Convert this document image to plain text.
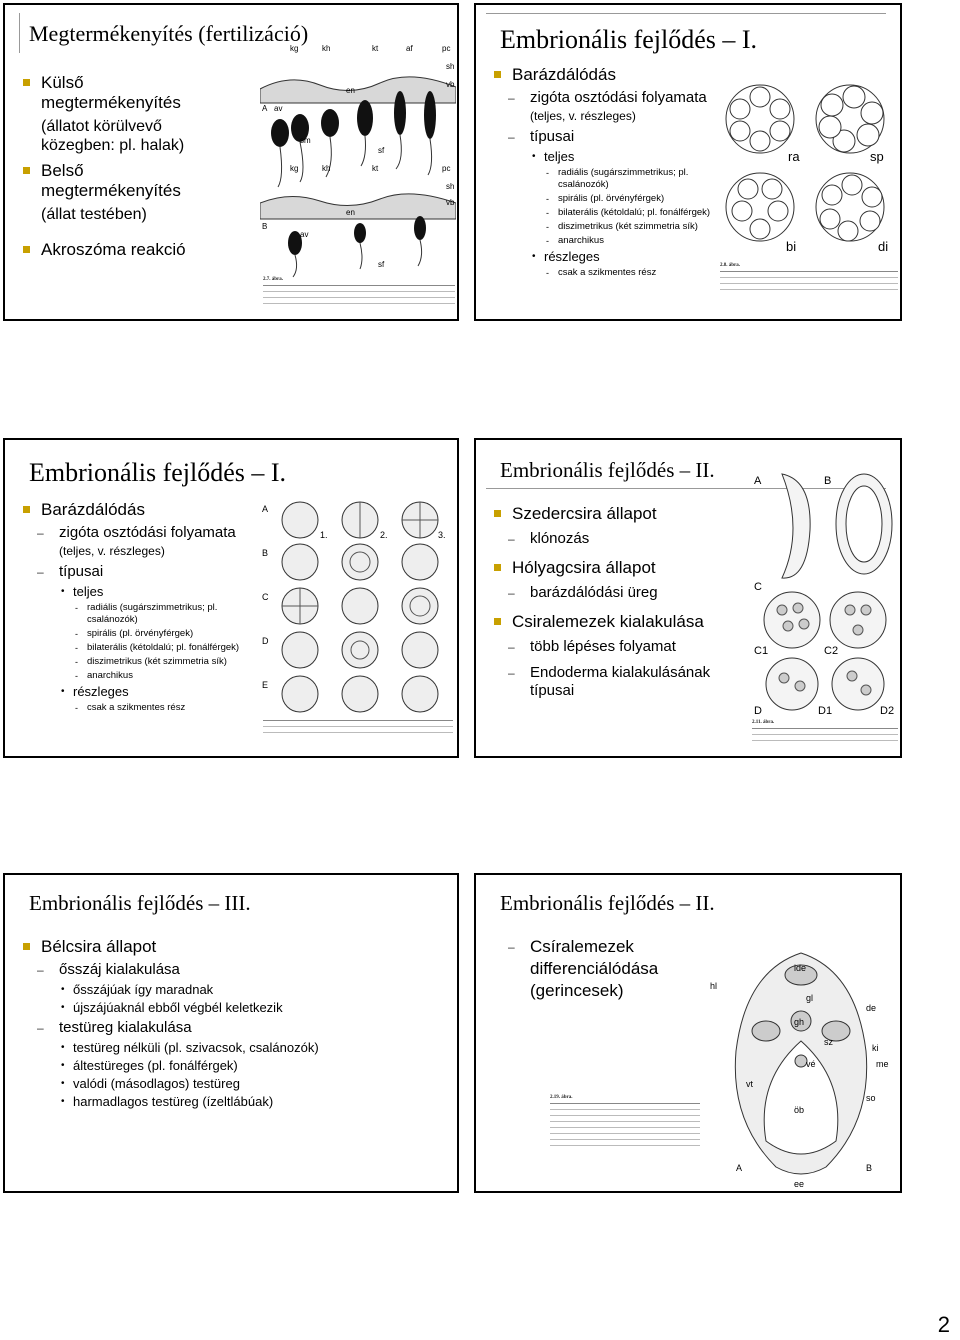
Megtermékenyítés (fertilizáció)
Külső megtermékenyítés
(állatot körülvevő közegben: pl. halak)
Belső megtermékenyítés
(állat testében)
Akroszóma reakció
kg	kh	kt	af	pc
sh
vb
A av
sm
en
sf
kg	kh	kt	pc
sh
vb
av
B
en
sf
2.7. ábra.
Embrionális fejlődés – I.
Barázdálódás
– zigóta osztódási folyamata (teljes, v. részleges)
– típusai
• teljes
- radiális (sugárszimmetrikus; pl. csalánozók)
- spirális (pl. örvényférgek)
- bilaterális (kétoldalú; pl. fonálférgek)
- diszimetrikus (két szimmetria sík)
- anarchikus
• részleges
- csak a szikmentes rész
ra	sp
bi	di
2.8. ábra.
Embrionális fejlődés – I.
Barázdálódás
– zigóta osztódási folyamata (teljes, v. részleges)
– típusai
• teljes
- radiális (sugárszimmetrikus; pl. csalánozók)
- spirális (pl. örvényférgek)
- bilaterális (kétoldalú; pl. fonálférgek)
- diszimetrikus (két szimmetria sík)
- anarchikus
• részleges
- csak a szikmentes rész
A
B
C
D
E
1.	2.	3.
Embrionális fejlődés – II.
Szedercsira állapot
– klónozás
Hólyagcsira állapot
– barázdálódási üreg
Csiralemezek kialakulása
– több lépéses folyamat
– Endoderma kialakulásának típusai
A	B
C
C1	C2
D	D1	D2
2.11. ábra.
Embrionális fejlődés – III.
Bélcsira állapot
– ősszáj kialakulása
• ősszájúak így maradnak
• újszájúaknál ebből végbél keletkezik
– testüreg kialakulása
• testüreg nélküli (pl. szivacsok, csalánozók)
• áltestüreges (pl. fonálférgek)
• valódi (másodlagos) testüreg
• harmadlagos testüreg (ízeltlábúak)
Embrionális fejlődés – II.
– Csíralemezek differenciálódása (gerincesek)	hl
ide
gl
de
gh
sz
vé
ki
me
vt
so
öb
A	B
ee
2.19. ábra.
2
